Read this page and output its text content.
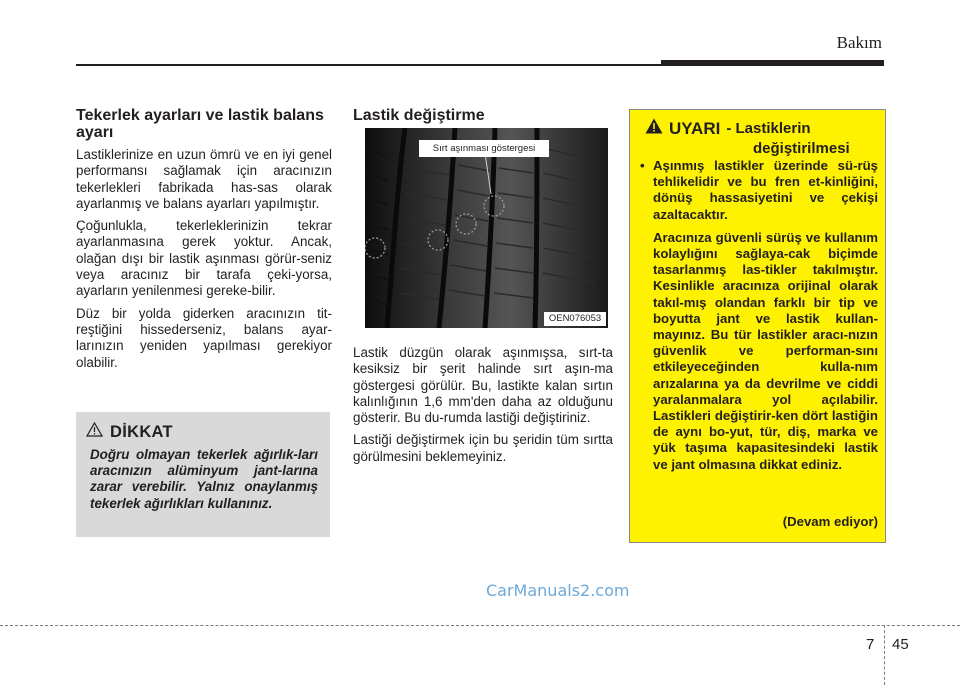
Bakım
Tekerlek ayarları ve lastik balans ayarı

Lastiklerinize en uzun ömrü ve en iyi genel performansı sağlamak için aracınızın tekerlekleri fabrikada has-sas olarak ayarlanmış ve balans ayarları yapılmıştır.

Çoğunlukla, tekerleklerinizin tekrar ayarlanmasına gerek yoktur. Ancak, olağan dışı bir lastik aşınması görür-seniz veya aracınız bir tarafa çeki-yorsa, ayarların yenilenmesi gereke-bilir.

Düz bir yolda giderken aracınızın tit-reştiğini hissederseniz, balans ayar-larınızın yeniden yapılması gerekiyor olabilir.

DİKKAT

Doğru olmayan tekerlek ağırlık-ları aracınızın alüminyum jant-larına zarar verebilir. Yalnız onaylanmış tekerlek ağırlıkları kullanınız.

Lastik değiştirme
Sırt aşınması göstergesi
OEN076053

Lastik düzgün olarak aşınmışsa, sırt-ta kesiksiz bir şerit halinde sırt aşın-ma göstergesi görülür. Bu, lastikte kalan sırtın kalınlığının 1,6 mm'den daha az olduğunu gösterir. Bu du-rumda lastiği değiştiriniz.

Lastiği değiştirmek için bu şeridin tüm sırtta görülmesini beklemeyiniz.

UYARI - Lastiklerin
değiştirilmesi

• Aşınmış lastikler üzerinde sü-rüş tehlikelidir ve bu fren et-kinliğini, dönüş hassasiyetini ve çekişi azaltacaktır.

Aracınıza güvenli sürüş ve kullanım kolaylığını sağlaya-cak biçimde tasarlanmış las-tikler takılmıştır. Kesinlikle aracınıza orijinal olarak takıl-mış olandan farklı bir tip ve boyutta jant ve lastik kullan-mayınız. Bu tür lastikler aracı-nızın güvenlik ve performan-sını etkileyeceğinden kulla-nım arızalarına ya da devrilme ve ciddi yaralanmalara yol açılabilir. Lastikleri değiştirir-ken dört lastiğin de aynı bo-yut, tür, diş, marka ve yük taşıma kapasitesindeki lastik ve jant olmasına dikkat ediniz.

(Devam ediyor)
CarManuals2.com
7 45
